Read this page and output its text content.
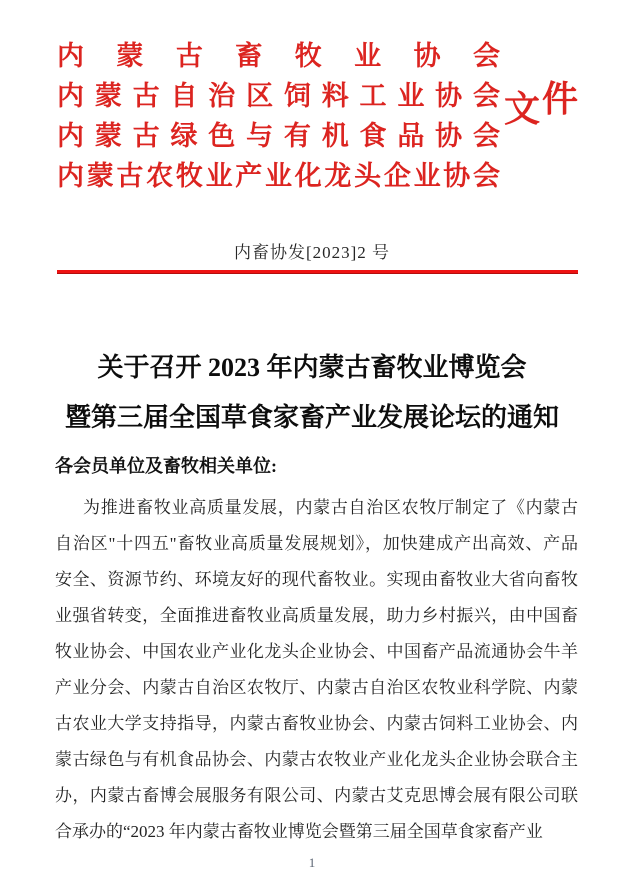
内蒙古畜牧业协会
内蒙古自治区饲料工业协会
内蒙古绿色与有机食品协会
内蒙古农牧业产业化龙头企业协会
文 件
内畜协发[2023]2 号
关于召开 2023 年内蒙古畜牧业博览会
暨第三届全国草食家畜产业发展论坛的通知
各会员单位及畜牧相关单位:
为推进畜牧业高质量发展，内蒙古自治区农牧厅制定了《内蒙古
自治区"十四五"畜牧业高质量发展规划》，加快建成产出高效、产品
安全、资源节约、环境友好的现代畜牧业。实现由畜牧业大省向畜牧
业强省转变，全面推进畜牧业高质量发展，助力乡村振兴，由中国畜
牧业协会、中国农业产业化龙头企业协会、中国畜产品流通协会牛羊
产业分会、内蒙古自治区农牧厅、内蒙古自治区农牧业科学院、内蒙
古农业大学支持指导，内蒙古畜牧业协会、内蒙古饲料工业协会、内
蒙古绿色与有机食品协会、内蒙古农牧业产业化龙头企业协会联合主
办，内蒙古畜博会展服务有限公司、内蒙古艾克思博会展有限公司联
合承办的“2023 年内蒙古畜牧业博览会暨第三届全国草食家畜产业
1
